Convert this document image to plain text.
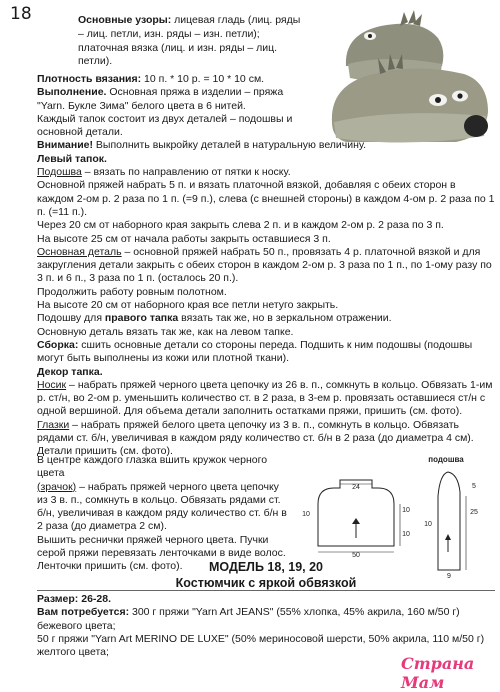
18	Основные узоры: лицевая гладь (лиц. ряды – лиц. петли, изн. ряды – изн. петли); платочная вязка (лиц. и изн. ряды – лиц. петли).

Плотность вязания: 10 п. * 10 р. = 10 * 10 см.

Выполнение. Основная пряжа в изделии – пряжа "Yarn. Букле Зима" белого цвета в 6 нитей.

Каждый тапок состоит из двух деталей – подошвы и основной детали.

Внимание! Выполнить выкройку деталей в натуральную величину.

Левый тапок.

Подошва – вязать по направлению от пятки к носку.

Основной пряжей набрать 5 п. и вязать платочной вязкой, добавляя с обеих сторон в каждом 2-ом р. 2 раза по 1 п. (=9 п.), слева (с внешней стороны) в каждом 4-ом р. 2 раза по 1 п. (=11 п.).

Через 20 см от наборного края закрыть слева 2 п. и в каждом 2-ом р. 2 раза по 3 п.

На высоте 25 см от начала работы закрыть оставшиеся 3 п.

Основная деталь – основной пряжей набрать 50 п., провязать 4 р. платочной вязкой и для закругления детали закрыть с обеих сторон в каждом 2-ом р. 3 раза по 1 п., по 1-ому разу по 3 п. и 6 п., 3 раза по 1 п. (осталось 20 п.).

Продолжить работу ровным полотном.

На высоте 20 см от наборного края все петли нетуго закрыть.

Подошву для правого тапка вязать так же, но в зеркальном отражении.

Основную деталь вязать так же, как на левом тапке.

Сборка: сшить основные детали со стороны переда. Подшить к ним подошвы (подошвы могут быть выполнены из кожи или плотной ткани).

Декор тапка.

Носик – набрать пряжей черного цвета цепочку из 26 в. п., сомкнуть в кольцо. Обвязать 1-им р. ст/н, во 2-ом р. уменьшить количество ст. в 2 раза, в 3-ем р. провязать оставшиеся ст/н с одной вершиной. Для объема детали заполнить остатками пряжи, пришить (см. фото).

Глазки – набрать пряжей белого цвета цепочку из 3 в. п., сомкнуть в кольцо. Обвязать рядами ст. б/н, увеличивая в каждом ряду количество ст. б/н в 2 раза (до диаметра 4 см). Детали пришить (см. фото).

В центре каждого глазка вшить кружок черного цвета

(зрачок) – набрать пряжей черного цвета цепочку из 3 в. п., сомкнуть в кольцо. Обвязать рядами ст. б/н, увеличивая в каждом ряду количество ст. б/н в 2 раза (до диаметра 2 см).

Вышить реснички пряжей черного цвета. Пучки серой пряжи перевязать ленточками в виде волос. Ленточки пришить (см. фото).

24
10
10
10
50
подошва
25
5
10
9
МОДЕЛЬ 18, 19, 20
Костюмчик с яркой обвязкой

Размер: 26-28.

Вам потребуется: 300 г пряжи "Yarn Art JEANS" (55% хлопка, 45% акрила, 160 м/50 г) бежевого цвета;

50 г пряжи "Yarn Art MERINO DE LUXE" (50% мериносовой шерсти, 50% акрила, 110 м/50 г) желтого цвета;

Страна Мам
